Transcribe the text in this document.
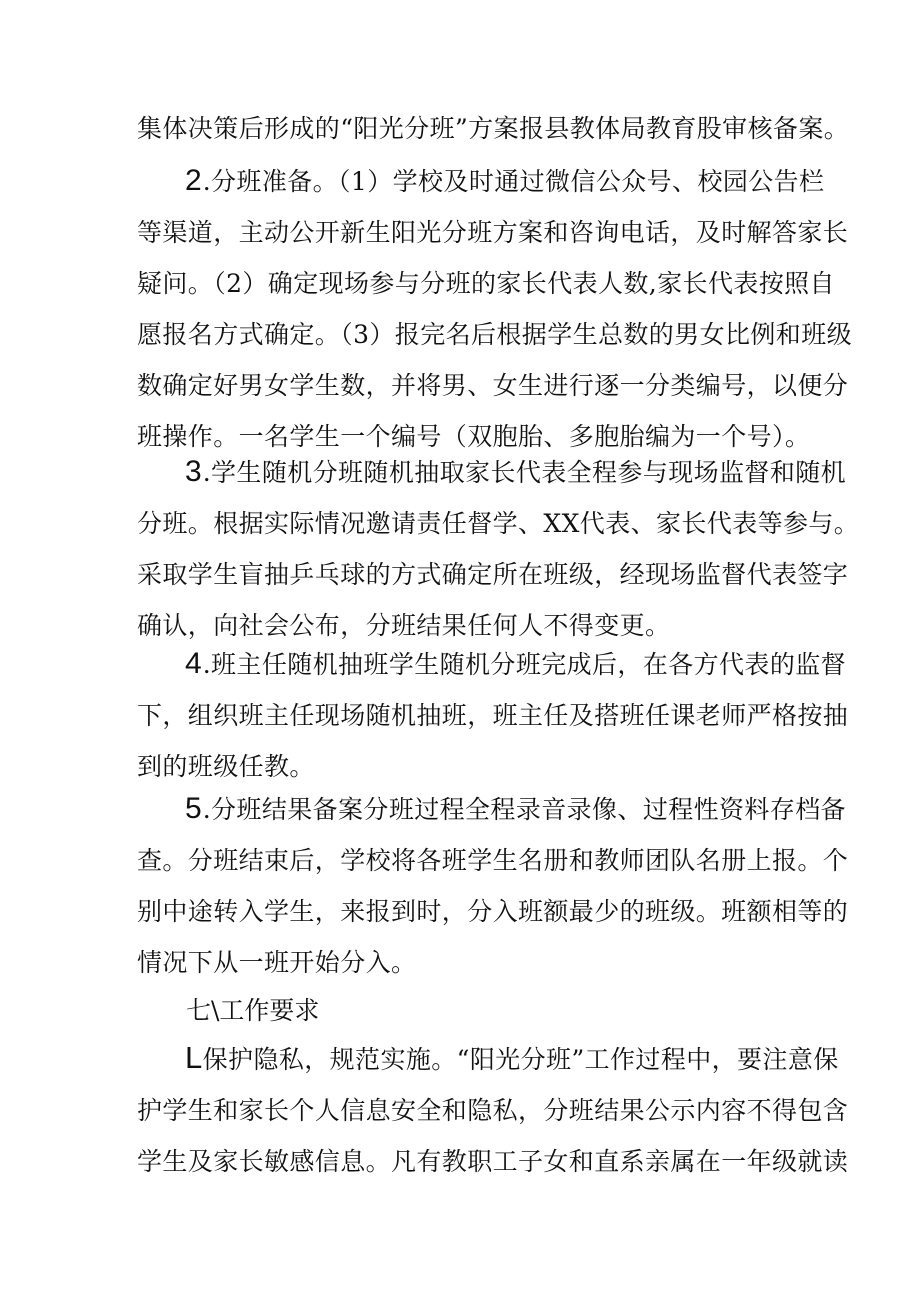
集体决策后形成的“阳光分班”方案报县教体局教育股审核备案。

2.分班准备。（1）学校及时通过微信公众号、校园公告栏
等渠道，主动公开新生阳光分班方案和咨询电话，及时解答家长
疑问。（2）确定现场参与分班的家长代表人数,家长代表按照自
愿报名方式确定。（3）报完名后根据学生总数的男女比例和班级
数确定好男女学生数，并将男、女生进行逐一分类编号，以便分
班操作。一名学生一个编号（双胞胎、多胞胎编为一个号）。

3.学生随机分班随机抽取家长代表全程参与现场监督和随机
分班。根据实际情况邀请责任督学、XX代表、家长代表等参与。
采取学生盲抽乒乓球的方式确定所在班级，经现场监督代表签字
确认，向社会公布，分班结果任何人不得变更。

4.班主任随机抽班学生随机分班完成后，在各方代表的监督
下，组织班主任现场随机抽班，班主任及搭班任课老师严格按抽
到的班级任教。

5.分班结果备案分班过程全程录音录像、过程性资料存档备
查。分班结束后，学校将各班学生名册和教师团队名册上报。个
别中途转入学生，来报到时，分入班额最少的班级。班额相等的
情况下从一班开始分入。

七\工作要求

L保护隐私，规范实施。“阳光分班”工作过程中，要注意保
护学生和家长个人信息安全和隐私，分班结果公示内容不得包含
学生及家长敏感信息。凡有教职工子女和直系亲属在一年级就读
